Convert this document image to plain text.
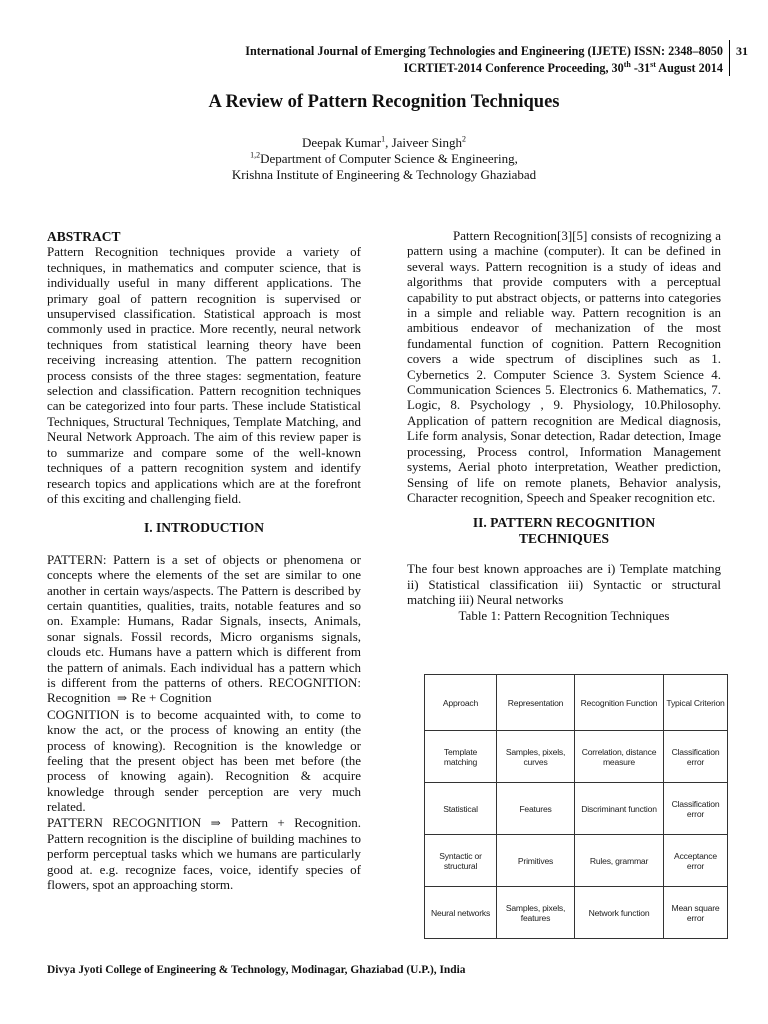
International Journal of Emerging Technologies and Engineering (IJETE) ISSN: 2348–8050
ICRTIET-2014 Conference Proceeding, 30th -31st August 2014
31
A Review of Pattern Recognition Techniques
Deepak Kumar$^1$, Jaiveer Singh$^2$
$^{1,2}$Department of Computer Science & Engineering,
Krishna Institute of Engineering & Technology Ghaziabad
ABSTRACT
Pattern Recognition techniques provide a variety of techniques, in mathematics and computer science, that is individually useful in many different applications. The primary goal of pattern recognition is supervised or unsupervised classification. Statistical approach is most commonly used in practice. More recently, neural network techniques from statistical learning theory have been receiving increasing attention. The pattern recognition process consists of the three stages: segmentation, feature selection and classification. Pattern recognition techniques can be categorized into four parts. These include Statistical Techniques, Structural Techniques, Template Matching, and Neural Network Approach. The aim of this review paper is to summarize and compare some of the well-known techniques of a pattern recognition system and identify research topics and applications which are at the forefront of this exciting and challenging field.
I. INTRODUCTION
PATTERN: Pattern is a set of objects or phenomena or concepts where the elements of the set are similar to one another in certain ways/aspects. The Pattern is described by certain quantities, qualities, traits, notable features and so on. Example: Humans, Radar Signals, insects, Animals, sonar signals. Fossil records, Micro organisms signals, clouds etc. Humans have a pattern which is different from the pattern of animals. Each individual has a pattern which is different from the patterns of others. RECOGNITION: Recognition ⇒ Re + Cognition
COGNITION is to become acquainted with, to come to know the act, or the process of knowing an entity (the process of knowing). Recognition is the knowledge or feeling that the present object has been met before (the process of knowing again). Recognition & acquire knowledge through sender perception are very much related.
PATTERN RECOGNITION ⇒ Pattern + Recognition. Pattern recognition is the discipline of building machines to perform perceptual tasks which we humans are particularly good at. e.g. recognize faces, voice, identify species of flowers, spot an approaching storm.
Pattern Recognition[3][5] consists of recognizing a pattern using a machine (computer). It can be defined in several ways. Pattern recognition is a study of ideas and algorithms that provide computers with a perceptual capability to put abstract objects, or patterns into categories in a simple and reliable way. Pattern recognition is an ambitious endeavor of mechanization of the most fundamental function of cognition. Pattern Recognition covers a wide spectrum of disciplines such as 1. Cybernetics 2. Computer Science 3. System Science 4. Communication Sciences 5. Electronics 6. Mathematics, 7. Logic, 8. Psychology , 9. Physiology, 10.Philosophy. Application of pattern recognition are Medical diagnosis, Life form analysis, Sonar detection, Radar detection, Image processing, Process control, Information Management systems, Aerial photo interpretation, Weather prediction, Sensing of life on remote planets, Behavior analysis, Character recognition, Speech and Speaker recognition etc.
II. PATTERN RECOGNITION
TECHNIQUES
The four best known approaches are i) Template matching ii) Statistical classification iii) Syntactic or structural matching iii) Neural networks
Table 1: Pattern Recognition Techniques
Approach	Representation	Recognition Function	Typical Criterion
Template matching	Samples, pixels, curves	Correlation, distance measure	Classification error
Statistical	Features	Discriminant function	Classification error
Syntactic or structural	Primitives	Rules, grammar	Acceptance error
Neural networks	Samples, pixels, features	Network function	Mean square error
Divya Jyoti College of Engineering & Technology, Modinagar, Ghaziabad (U.P.), India
